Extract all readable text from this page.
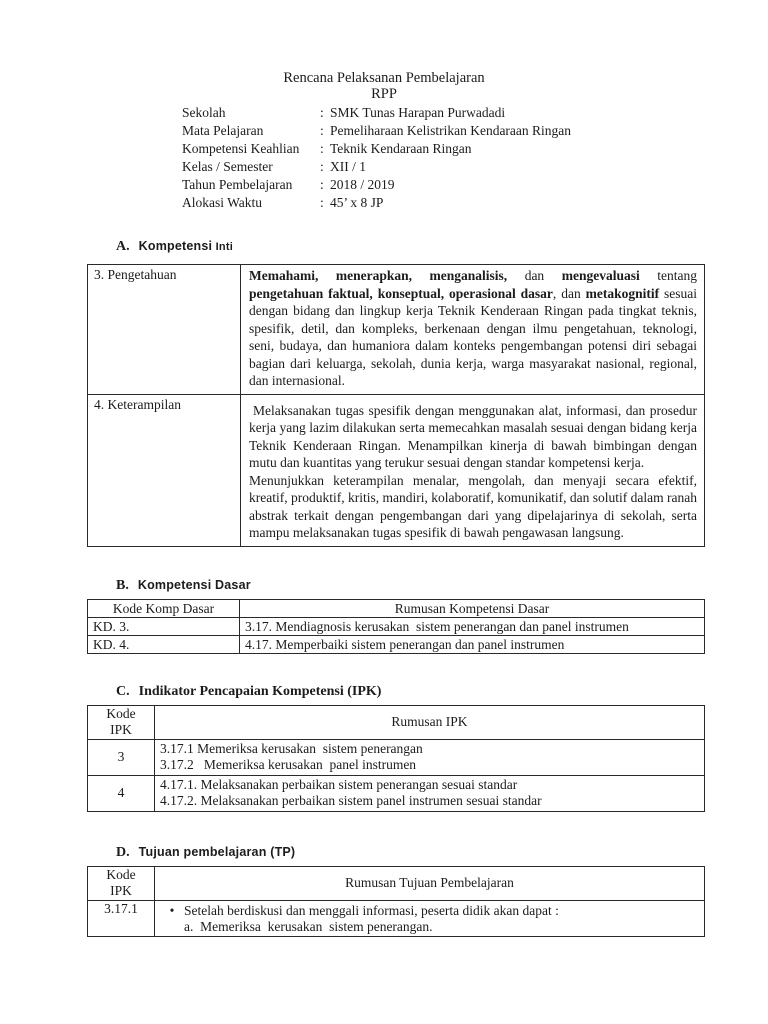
Rencana Pelaksanan Pembelajaran
RPP
Sekolah	: SMK Tunas Harapan Purwadadi
Mata Pelajaran	: Pemeliharaan Kelistrikan Kendaraan Ringan
Kompetensi Keahlian : Teknik Kendaraan Ringan
Kelas / Semester	: XII / 1
Tahun Pembelajaran : 2018 / 2019
Alokasi Waktu	: 45’ x 8 JP
A. Kompetensi Inti
3. Pengetahuan	Memahami, menerapkan, menganalisis, dan mengevaluasi tentang pengetahuan faktual, konseptual, operasional dasar, dan metakognitif sesuai dengan bidang dan lingkup kerja Teknik Kenderaan Ringan pada tingkat teknis, spesifik, detil, dan kompleks, berkenaan dengan ilmu pengetahuan, teknologi, seni, budaya, dan humaniora dalam konteks pengembangan potensi diri sebagai bagian dari keluarga, sekolah, dunia kerja, warga masyarakat nasional, regional, dan internasional.
4. Keterampilan	Melaksanakan tugas spesifik dengan menggunakan alat, informasi, dan prosedur kerja yang lazim dilakukan serta memecahkan masalah sesuai dengan bidang kerja Teknik Kenderaan Ringan. Menampilkan kinerja di bawah bimbingan dengan mutu dan kuantitas yang terukur sesuai dengan standar kompetensi kerja.

Menunjukkan keterampilan menalar, mengolah, dan menyaji secara efektif, kreatif, produktif, kritis, mandiri, kolaboratif, komunikatif, dan solutif dalam ranah abstrak terkait dengan pengembangan dari yang dipelajarinya di sekolah, serta mampu melaksanakan tugas spesifik di bawah pengawasan langsung.

B. Kompetensi Dasar
Kode Komp Dasar	Rumusan Kompetensi Dasar
KD. 3.	3.17. Mendiagnosis kerusakan  sistem penerangan dan panel instrumen
KD. 4.	4.17. Memperbaiki sistem penerangan dan panel instrumen
C. Indikator Pencapaian Kompetensi (IPK)
Kode IPK	Rumusan IPK
3	3.17.1 Memeriksa kerusakan  sistem penerangan
3.17.2   Memeriksa kerusakan  panel instrumen

4	4.17.1. Melaksanakan perbaikan sistem penerangan sesuai standar
4.17.2. Melaksanakan perbaikan sistem panel instrumen sesuai standar
D. Tujuan pembelajaran (TP)
Kode IPK	Rumusan Tujuan Pembelajaran
3.17.1	• Setelah berdiskusi dan menggali informasi, peserta didik akan dapat :
a.  Memeriksa  kerusakan  sistem penerangan.
